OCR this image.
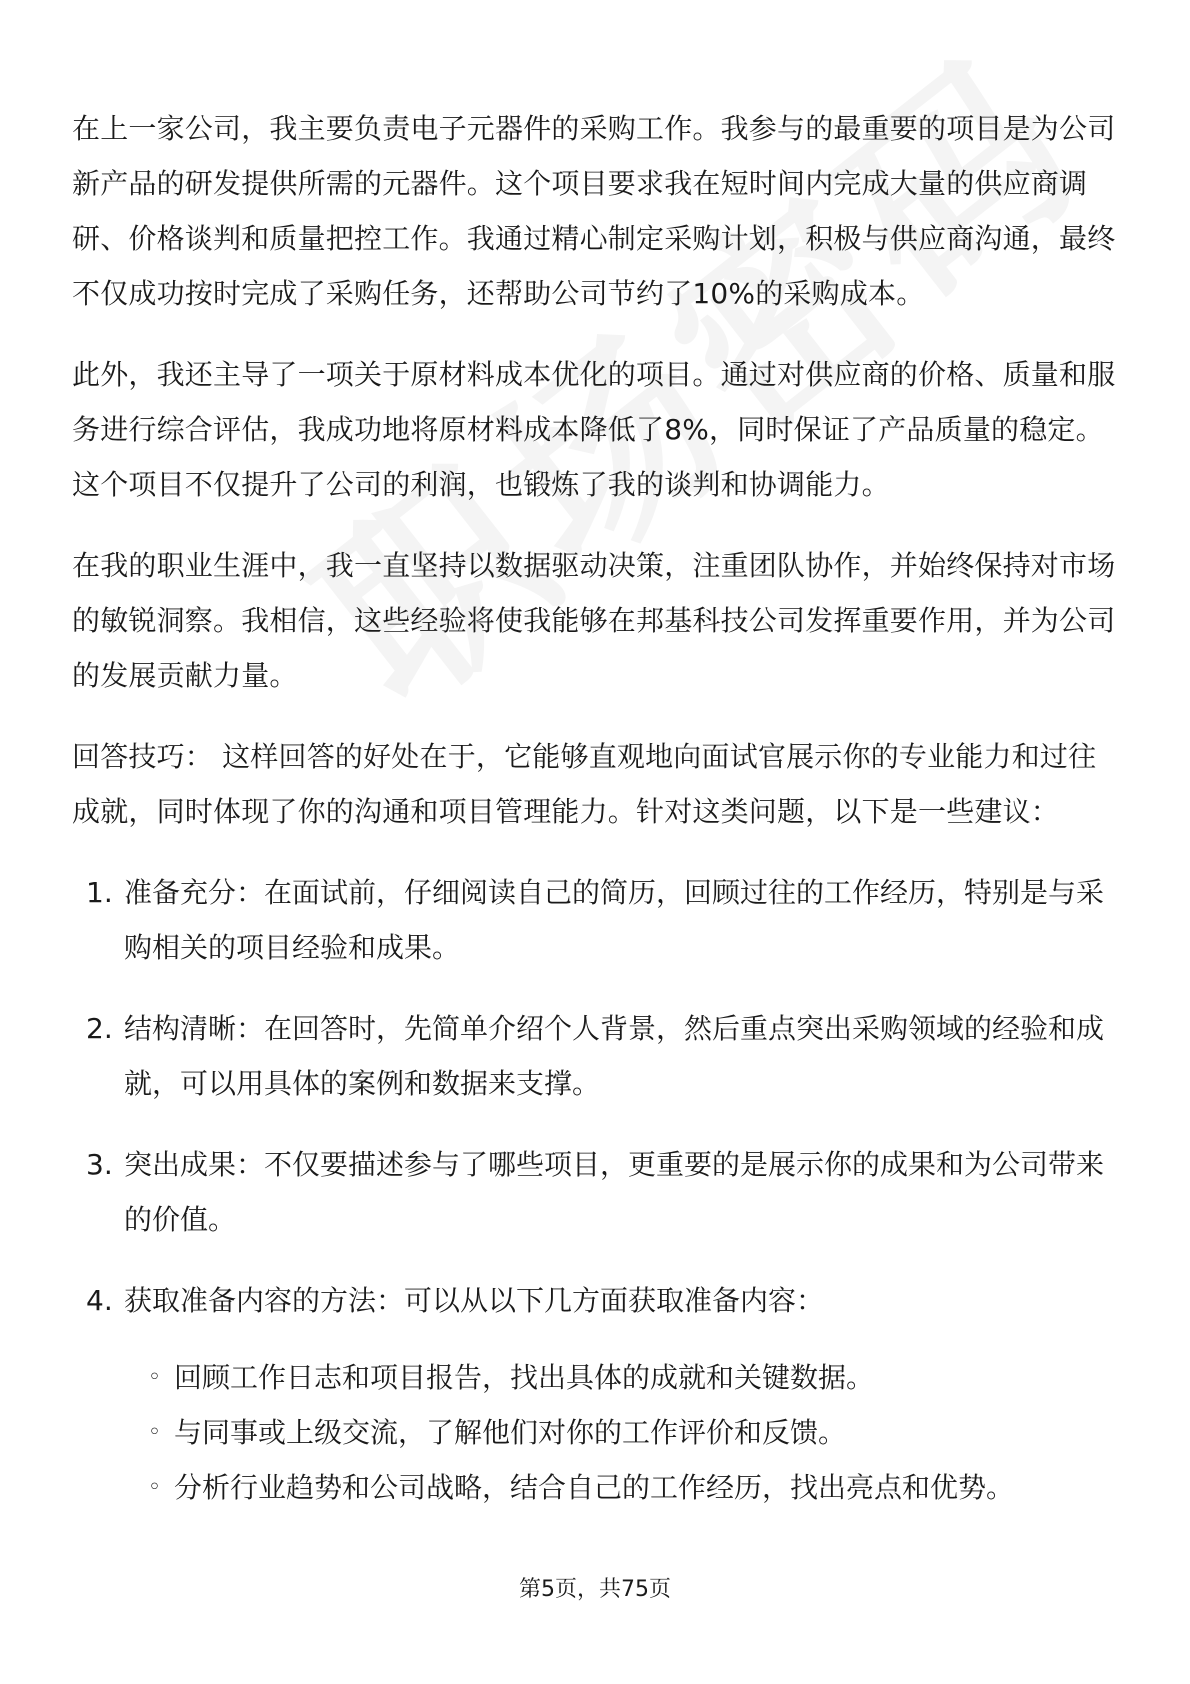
在上一家公司，我主要负责电子元器件的采购工作。我参与的最重要的项目是为公司新产品的研发提供所需的元器件。这个项目要求我在短时间内完成大量的供应商调研、价格谈判和质量把控工作。我通过精心制定采购计划，积极与供应商沟通，最终不仅成功按时完成了采购任务，还帮助公司节约了10%的采购成本。

此外，我还主导了一项关于原材料成本优化的项目。通过对供应商的价格、质量和服务进行综合评估，我成功地将原材料成本降低了8%，同时保证了产品质量的稳定。这个项目不仅提升了公司的利润，也锻炼了我的谈判和协调能力。

在我的职业生涯中，我一直坚持以数据驱动决策，注重团队协作，并始终保持对市场的敏锐洞察。我相信，这些经验将使我能够在邦基科技公司发挥重要作用，并为公司的发展贡献力量。

回答技巧： 这样回答的好处在于，它能够直观地向面试官展示你的专业能力和过往成就，同时体现了你的沟通和项目管理能力。针对这类问题，以下是一些建议：

1. 准备充分：在面试前，仔细阅读自己的简历，回顾过往的工作经历，特别是与采购相关的项目经验和成果。
2. 结构清晰：在回答时，先简单介绍个人背景，然后重点突出采购领域的经验和成就，可以用具体的案例和数据来支撑。
3. 突出成果：不仅要描述参与了哪些项目，更重要的是展示你的成果和为公司带来的价值。
4. 获取准备内容的方法：可以从以下几方面获取准备内容：
◦ 回顾工作日志和项目报告，找出具体的成就和关键数据。
◦ 与同事或上级交流，了解他们对你的工作评价和反馈。
◦ 分析行业趋势和公司战略，结合自己的工作经历，找出亮点和优势。
第5页，共75页
